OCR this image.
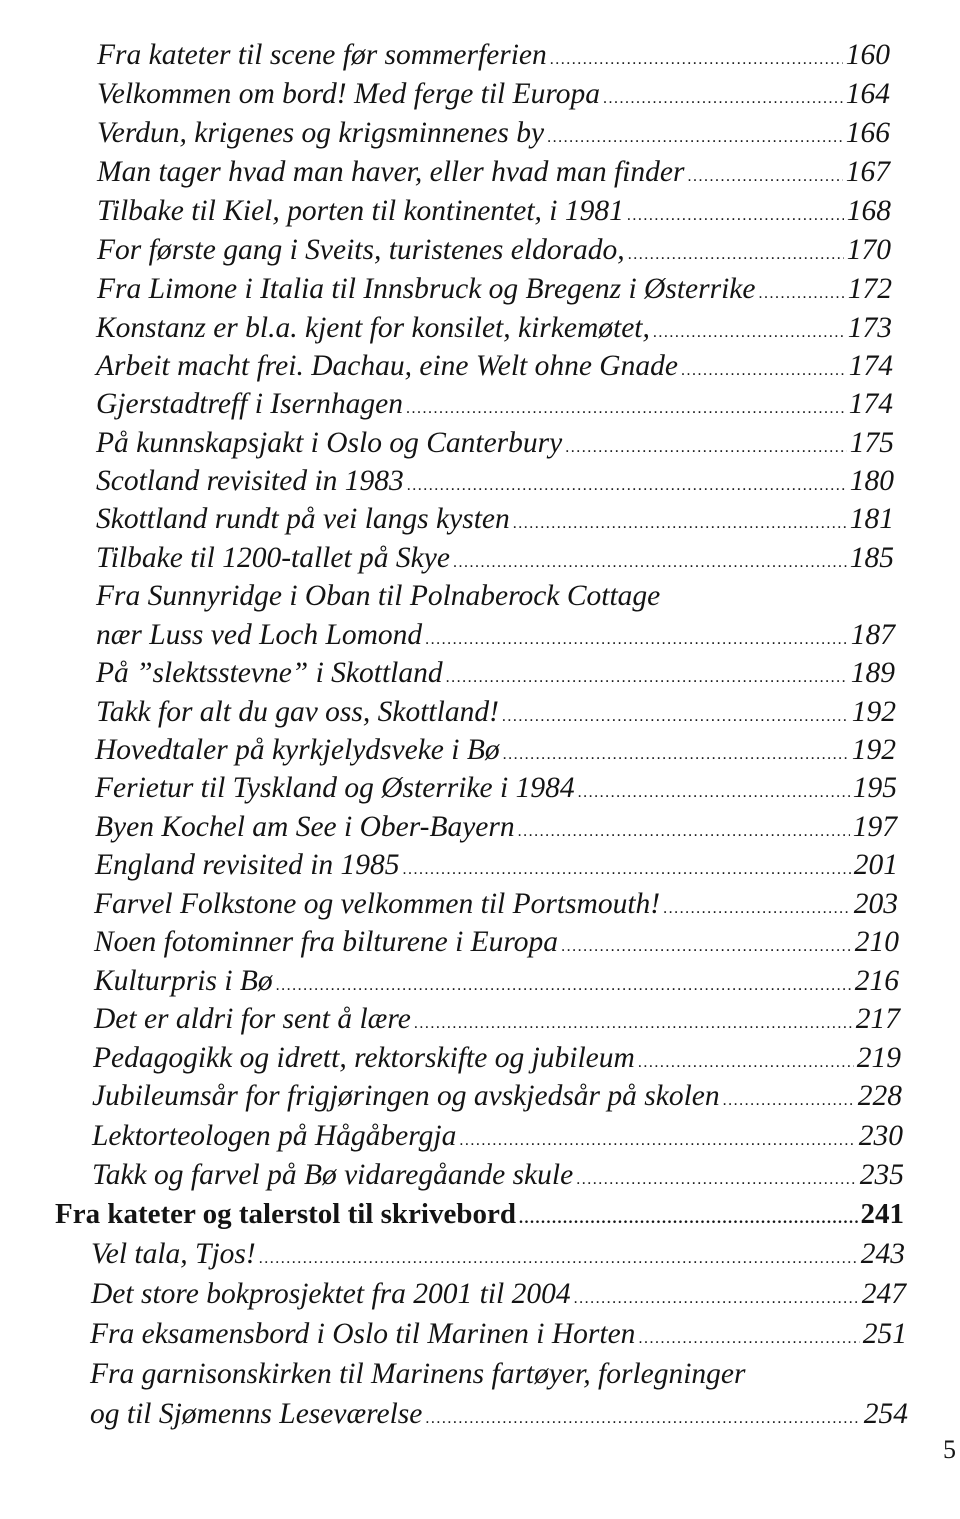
Fra kateter til scene før sommerferien .....	160
Velkommen om bord! Med ferge til Europa .....	164
Verdun, krigenes og krigsminnenes by .....	166
Man tager hvad man haver, eller hvad man finder .....	167
Tilbake til Kiel, porten til kontinentet, i 1981 .....	168
For første gang i Sveits, turistenes eldorado, .....	170
Fra Limone i Italia til Innsbruck og Bregenz i Østerrike .....	172
Konstanz er bl.a. kjent for konsilet, kirkemøtet, .....	173
Arbeit macht frei. Dachau, eine Welt ohne Gnade .....	174
Gjerstadtreff i Isernhagen .....	174
På kunnskapsjakt i Oslo og Canterbury .....	175
Scotland revisited in 1983 .....	180
Skottland rundt på vei langs kysten .....	181
Tilbake til 1200-tallet på Skye .....	185
Fra Sunnyridge i Oban til Polnaberock Cottage
nær Luss ved Loch Lomond .....	187
På ”slektsstevne” i Skottland .....	189
Takk for alt du gav oss, Skottland! .....	192
Hovedtaler på kyrkjelydsveke i Bø .....	192
Ferietur til Tyskland og Østerrike i 1984 .....	195
Byen Kochel am See i Ober-Bayern .....	197
England revisited in 1985 .....	201
Farvel Folkstone og velkommen til Portsmouth! .....	203
Noen fotominner fra bilturene i Europa .....	210
Kulturpris i Bø .....	216
Det er aldri for sent å lære .....	217
Pedagogikk og idrett, rektorskifte og jubileum .....	219
Jubileumsår for frigjøringen og avskjedsår på skolen .....	228
Lektorteologen på Hågåbergja .....	230
Takk og farvel på Bø vidaregåande skule .....	235
Fra kateter og talerstol til skrivebord .....	241
Vel tala, Tjos! .....	243
Det store bokprosjektet fra 2001 til 2004 .....	247
Fra eksamensbord i Oslo til Marinen i Horten .....	251
Fra garnisonskirken til Marinens fartøyer, forlegninger
og til Sjømenns Leseværelse .....	254
5
